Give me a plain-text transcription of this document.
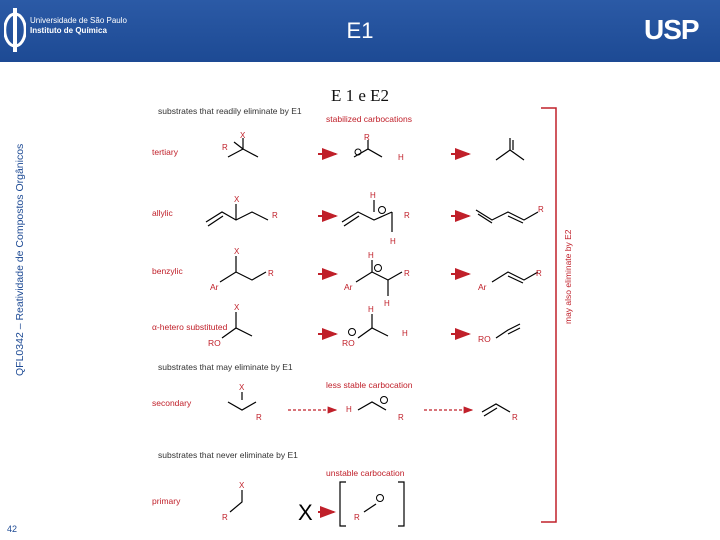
Universidade de São Paulo
Instituto de Química	E1	USP
QFL0342 – Reatividade de Compostos Orgânicos
42
E 1 e E2
substrates that readily eliminate by E1
stabilized carbocations
may also eliminate by E2
tertiary
X
R
R
H
allylic
X
R
H
H
R
R
benzylic
X
Ar
R
H
H
Ar
R
Ar
R
α-hetero substituted
X
RO
H
RO
H
RO
substrates that may eliminate by E1
less stable carbocation
secondary
X
R
H
R	R
substrates that never eliminate by E1
unstable carbocation
primary
X
R	X	R
